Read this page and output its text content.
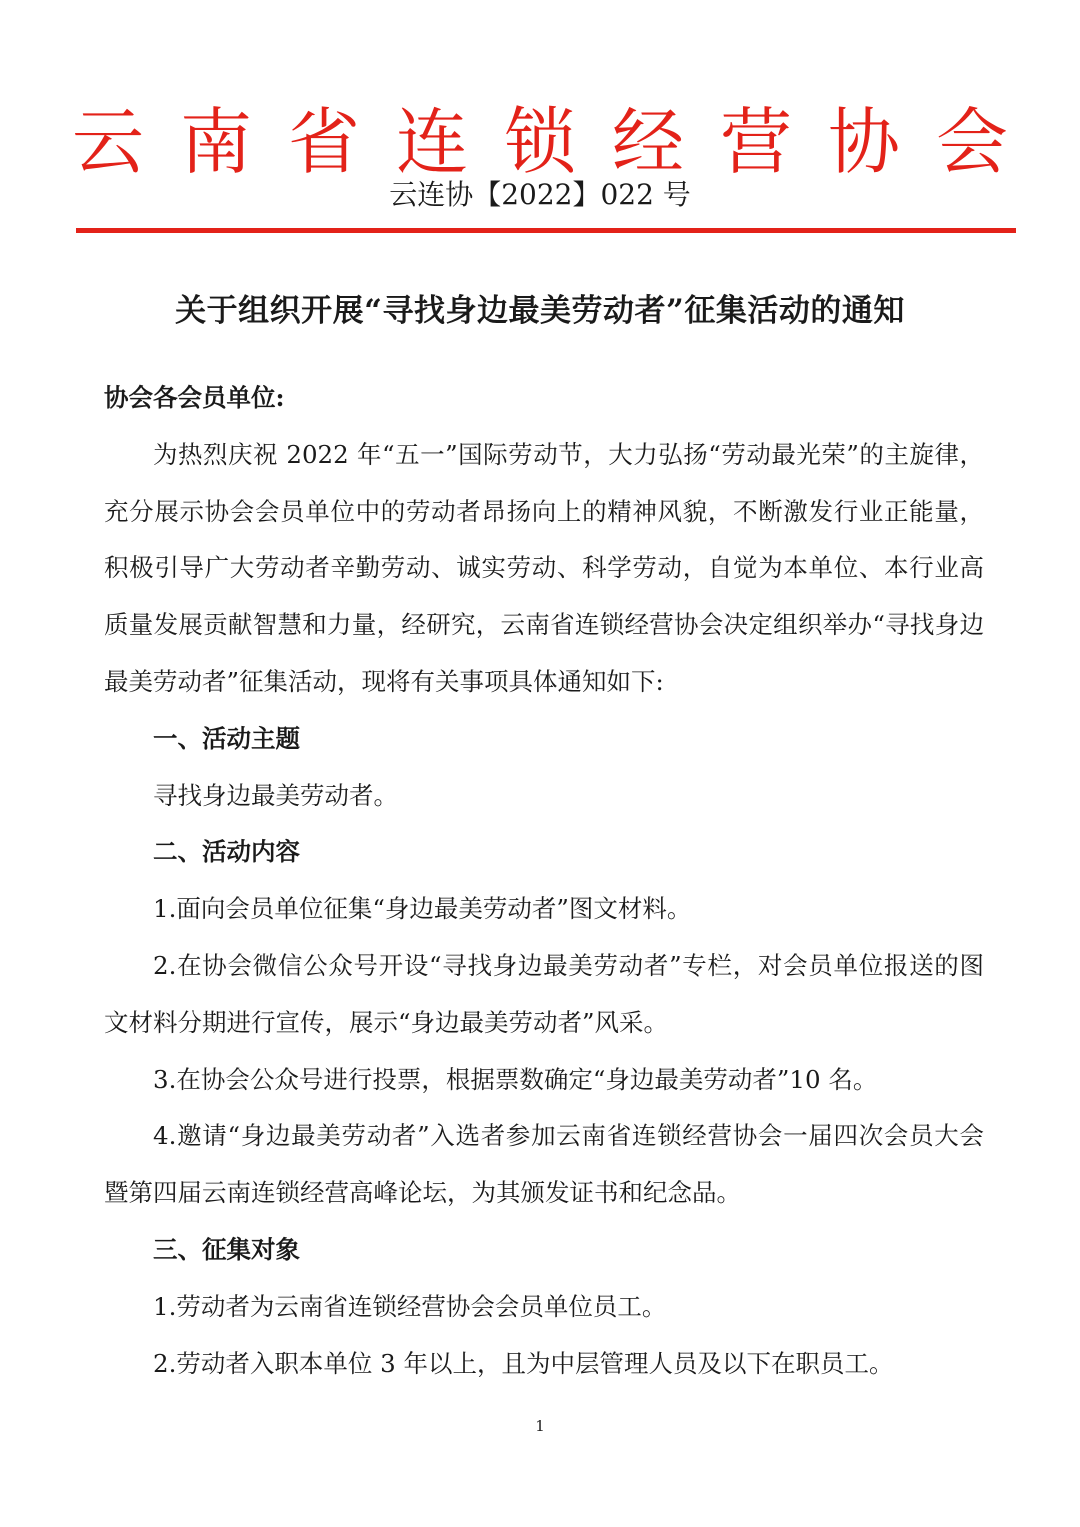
云 南 省 连 锁 经 营 协 会
云连协【2022】022 号
关于组织开展“寻找身边最美劳动者”征集活动的通知

协会各会员单位:

为热烈庆祝 2022 年“五一”国际劳动节，大力弘扬“劳动最光荣”的主旋律，充分展示协会会员单位中的劳动者昂扬向上的精神风貌，不断激发行业正能量，积极引导广大劳动者辛勤劳动、诚实劳动、科学劳动，自觉为本单位、本行业高质量发展贡献智慧和力量，经研究，云南省连锁经营协会决定组织举办“寻找身边最美劳动者”征集活动，现将有关事项具体通知如下:

一、活动主题

寻找身边最美劳动者。

二、活动内容

1.面向会员单位征集“身边最美劳动者”图文材料。

2.在协会微信公众号开设“寻找身边最美劳动者”专栏，对会员单位报送的图文材料分期进行宣传，展示“身边最美劳动者”风采。

3.在协会公众号进行投票，根据票数确定“身边最美劳动者”10 名。

4.邀请“身边最美劳动者”入选者参加云南省连锁经营协会一届四次会员大会暨第四届云南连锁经营高峰论坛，为其颁发证书和纪念品。

三、征集对象

1.劳动者为云南省连锁经营协会会员单位员工。

2.劳动者入职本单位 3 年以上，且为中层管理人员及以下在职员工。

1
